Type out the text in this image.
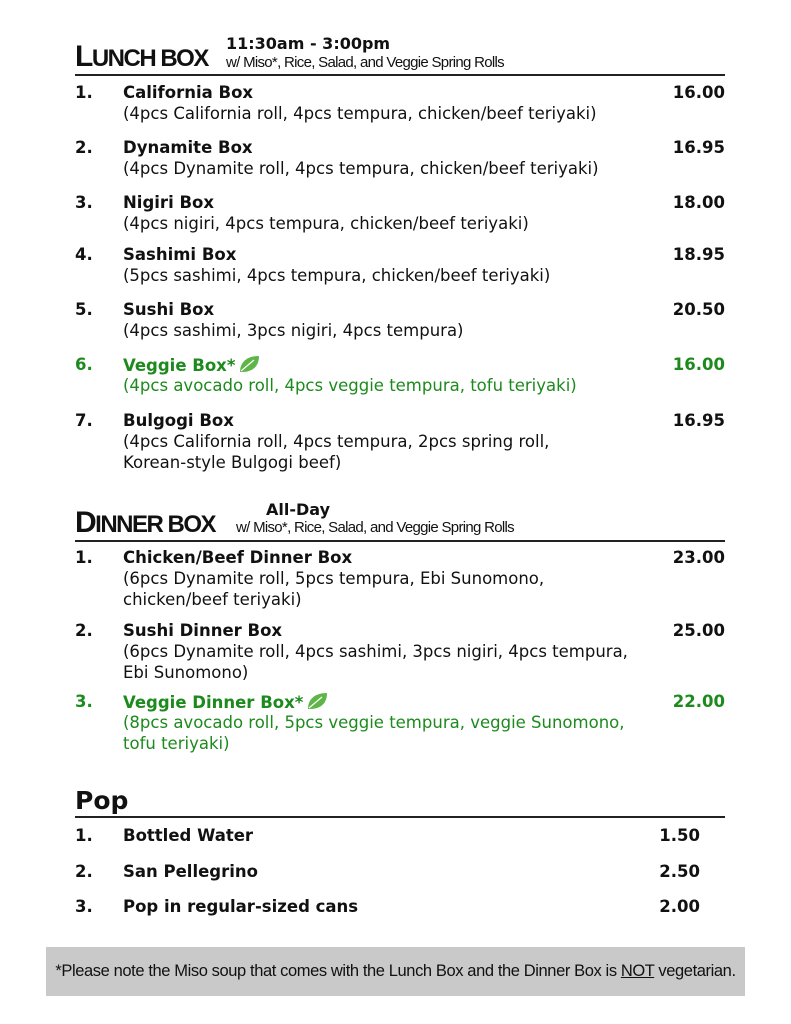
LUNCH BOX
11:30am - 3:00pm
w/ Miso*, Rice, Salad, and Veggie Spring Rolls
1. California Box	16.00
(4pcs California roll, 4pcs tempura, chicken/beef teriyaki)
2. Dynamite Box	16.95
(4pcs Dynamite roll, 4pcs tempura, chicken/beef teriyaki)
3. Nigiri Box	18.00
(4pcs nigiri, 4pcs tempura, chicken/beef teriyaki)
4. Sashimi Box	18.95
(5pcs sashimi, 4pcs tempura, chicken/beef teriyaki)
5. Sushi Box	20.50
(4pcs sashimi, 3pcs nigiri, 4pcs tempura)
6. Veggie Box*	16.00
(4pcs avocado roll, 4pcs veggie tempura, tofu teriyaki)
7. Bulgogi Box	16.95
(4pcs California roll, 4pcs tempura, 2pcs spring roll,
Korean-style Bulgogi beef)
DINNER BOX
All-Day
w/ Miso*, Rice, Salad, and Veggie Spring Rolls
1. Chicken/Beef Dinner Box	23.00
(6pcs Dynamite roll, 5pcs tempura, Ebi Sunomono,
chicken/beef teriyaki)
2. Sushi Dinner Box	25.00
(6pcs Dynamite roll, 4pcs sashimi, 3pcs nigiri, 4pcs tempura,
Ebi Sunomono)
3. Veggie Dinner Box*	22.00
(8pcs avocado roll, 5pcs veggie tempura, veggie Sunomono,
tofu teriyaki)
Pop
1. Bottled Water	1.50
2. San Pellegrino	2.50
3. Pop in regular-sized cans	2.00
*Please note the Miso soup that comes with the Lunch Box and the Dinner Box is NOT vegetarian.
